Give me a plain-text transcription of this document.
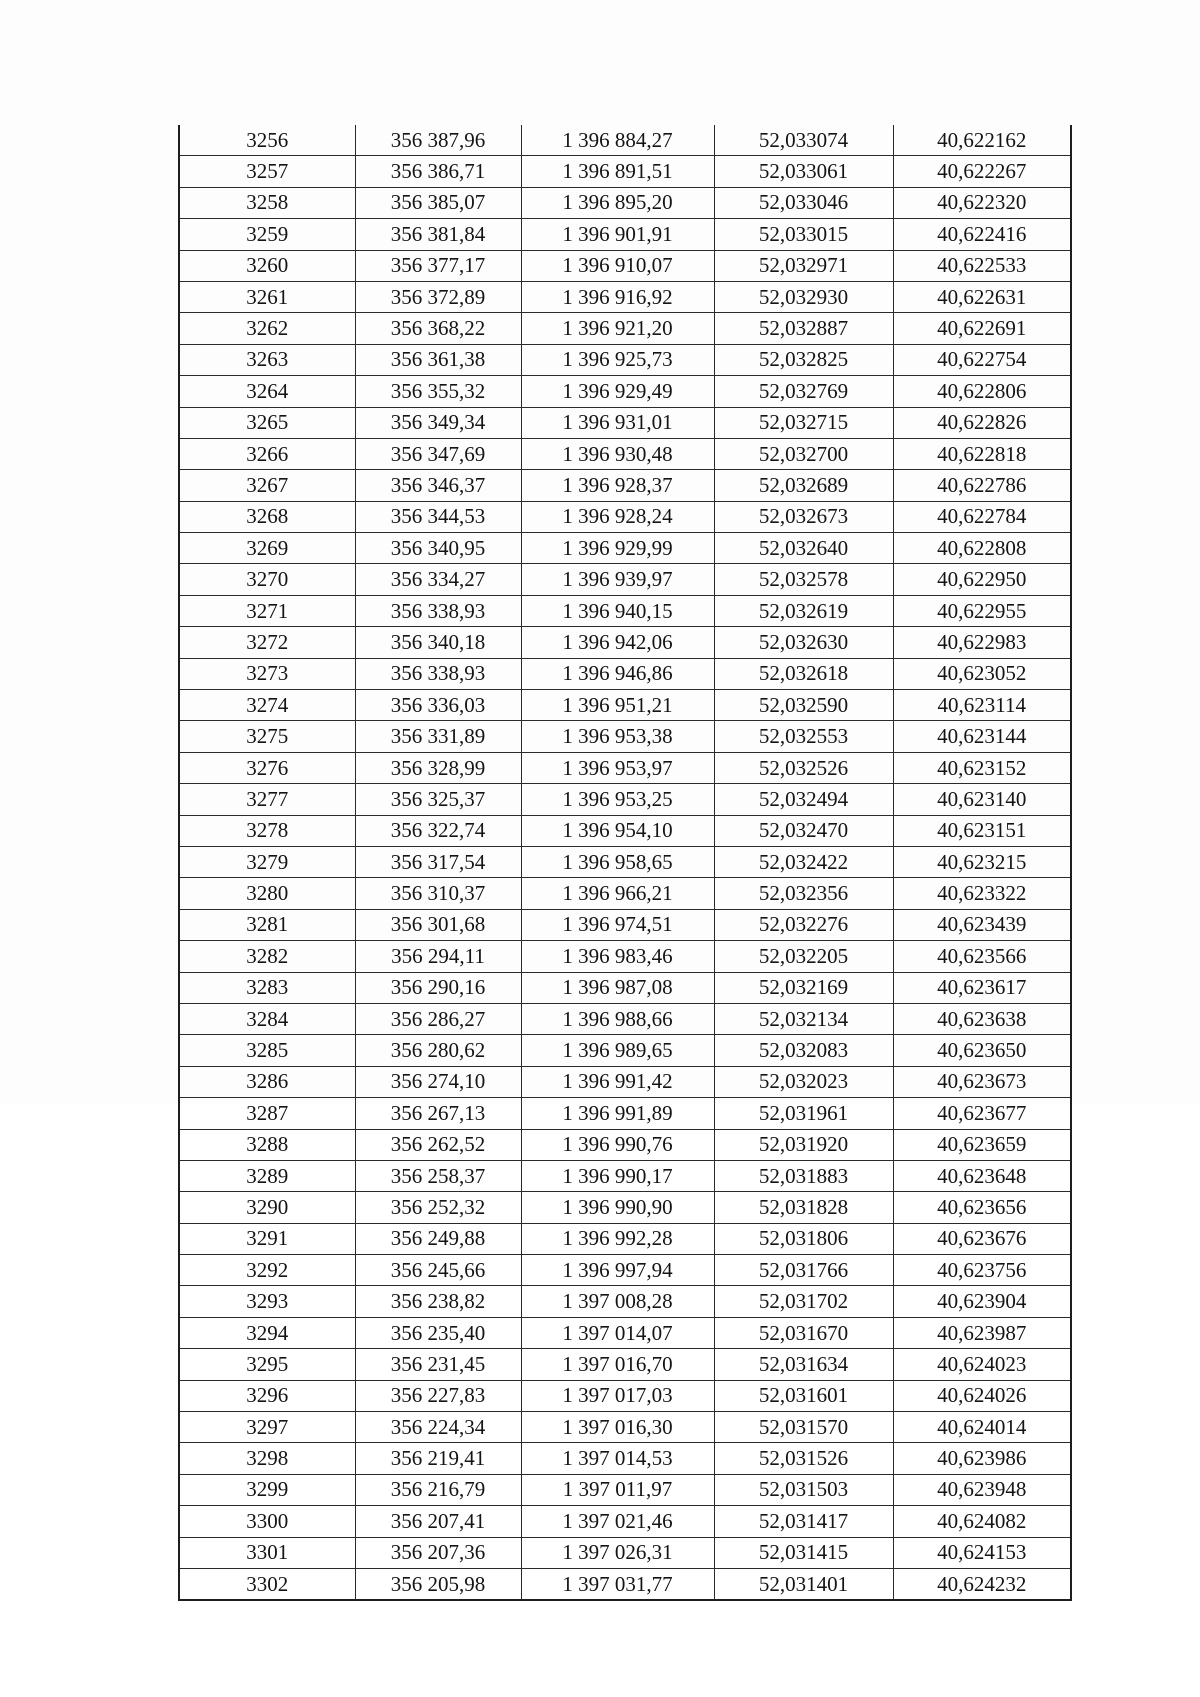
3256	356 387,96	1 396 884,27	52,033074	40,622162
3257	356 386,71	1 396 891,51	52,033061	40,622267
3258	356 385,07	1 396 895,20	52,033046	40,622320
3259	356 381,84	1 396 901,91	52,033015	40,622416
3260	356 377,17	1 396 910,07	52,032971	40,622533
3261	356 372,89	1 396 916,92	52,032930	40,622631
3262	356 368,22	1 396 921,20	52,032887	40,622691
3263	356 361,38	1 396 925,73	52,032825	40,622754
3264	356 355,32	1 396 929,49	52,032769	40,622806
3265	356 349,34	1 396 931,01	52,032715	40,622826
3266	356 347,69	1 396 930,48	52,032700	40,622818
3267	356 346,37	1 396 928,37	52,032689	40,622786
3268	356 344,53	1 396 928,24	52,032673	40,622784
3269	356 340,95	1 396 929,99	52,032640	40,622808
3270	356 334,27	1 396 939,97	52,032578	40,622950
3271	356 338,93	1 396 940,15	52,032619	40,622955
3272	356 340,18	1 396 942,06	52,032630	40,622983
3273	356 338,93	1 396 946,86	52,032618	40,623052
3274	356 336,03	1 396 951,21	52,032590	40,623114
3275	356 331,89	1 396 953,38	52,032553	40,623144
3276	356 328,99	1 396 953,97	52,032526	40,623152
3277	356 325,37	1 396 953,25	52,032494	40,623140
3278	356 322,74	1 396 954,10	52,032470	40,623151
3279	356 317,54	1 396 958,65	52,032422	40,623215
3280	356 310,37	1 396 966,21	52,032356	40,623322
3281	356 301,68	1 396 974,51	52,032276	40,623439
3282	356 294,11	1 396 983,46	52,032205	40,623566
3283	356 290,16	1 396 987,08	52,032169	40,623617
3284	356 286,27	1 396 988,66	52,032134	40,623638
3285	356 280,62	1 396 989,65	52,032083	40,623650
3286	356 274,10	1 396 991,42	52,032023	40,623673
3287	356 267,13	1 396 991,89	52,031961	40,623677
3288	356 262,52	1 396 990,76	52,031920	40,623659
3289	356 258,37	1 396 990,17	52,031883	40,623648
3290	356 252,32	1 396 990,90	52,031828	40,623656
3291	356 249,88	1 396 992,28	52,031806	40,623676
3292	356 245,66	1 396 997,94	52,031766	40,623756
3293	356 238,82	1 397 008,28	52,031702	40,623904
3294	356 235,40	1 397 014,07	52,031670	40,623987
3295	356 231,45	1 397 016,70	52,031634	40,624023
3296	356 227,83	1 397 017,03	52,031601	40,624026
3297	356 224,34	1 397 016,30	52,031570	40,624014
3298	356 219,41	1 397 014,53	52,031526	40,623986
3299	356 216,79	1 397 011,97	52,031503	40,623948
3300	356 207,41	1 397 021,46	52,031417	40,624082
3301	356 207,36	1 397 026,31	52,031415	40,624153
3302	356 205,98	1 397 031,77	52,031401	40,624232
